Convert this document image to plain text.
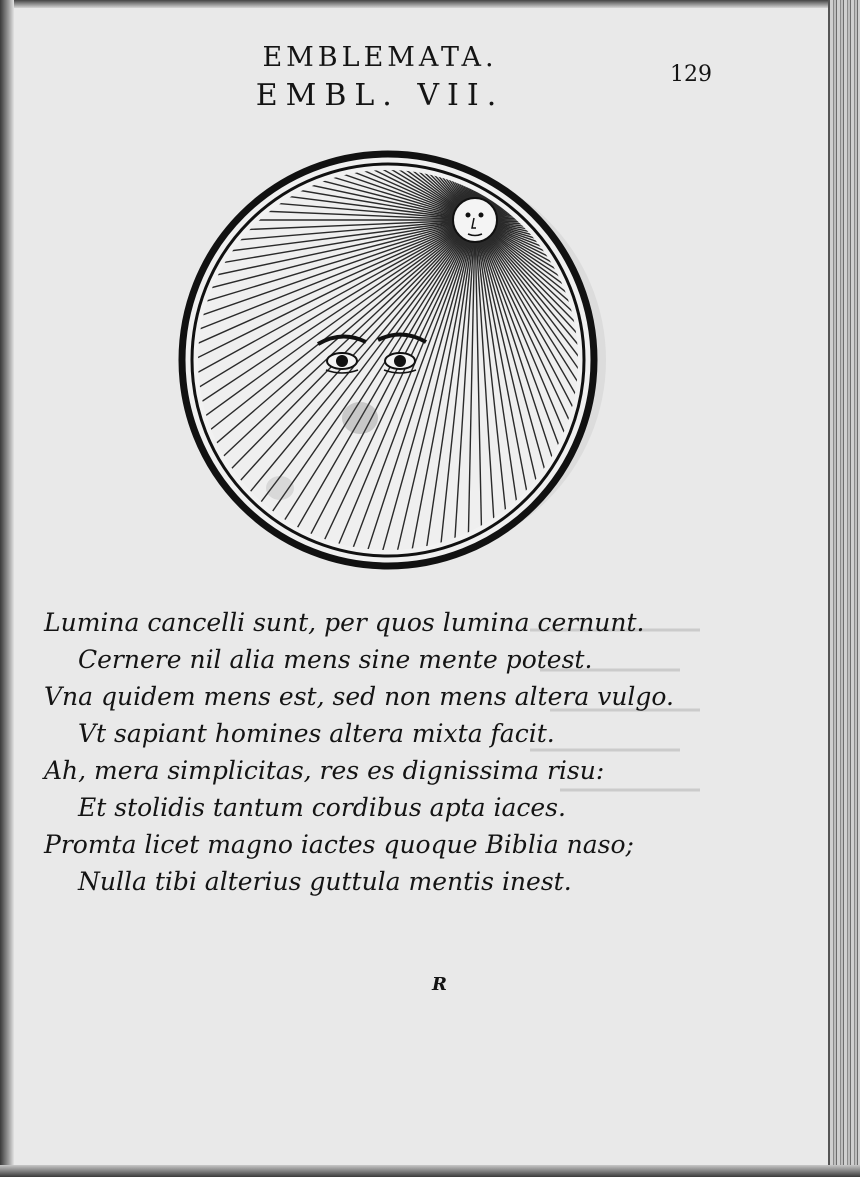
EMBLEMATA.
EMBL. VII.
129
Lumina cancelli sunt, per quos lumina cernunt.
Cernere nil alia mens sine mente potest.
Vna quidem mens est, sed non mens altera vulgo.
Vt sapiant homines altera mixta facit.
Ah, mera simplicitas, res es dignissima risu:
Et stolidis tantum cordibus apta iaces.
Promta licet magno iactes quoque Biblia naso;
Nulla tibi alterius guttula mentis inest.
R
